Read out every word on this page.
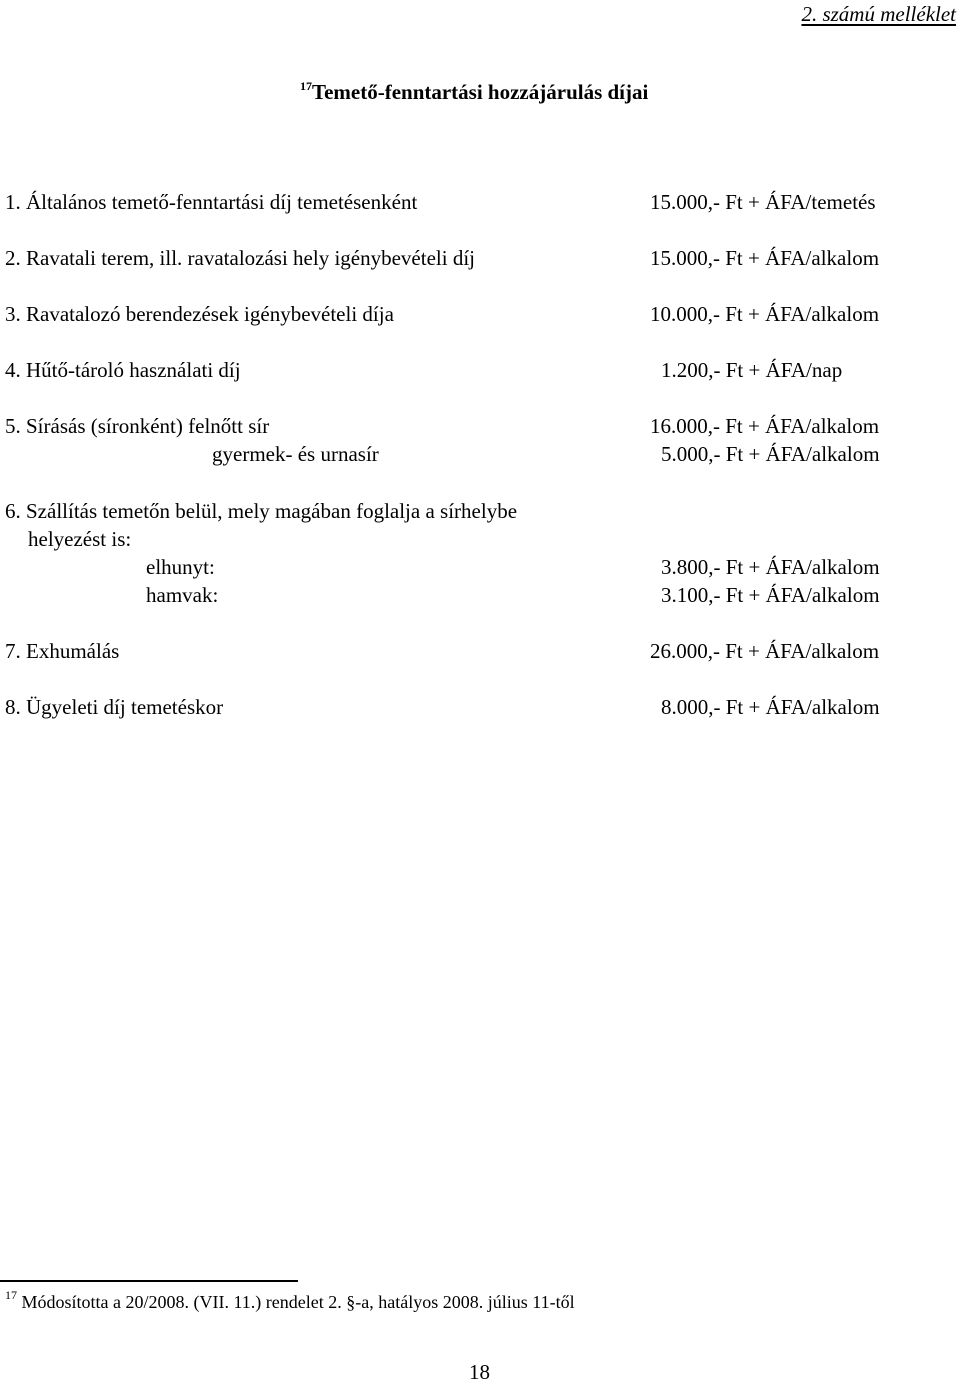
2. számú melléklet
$^{17}$Temető-fenntartási hozzájárulás díjai
1. Általános temető-fenntartási díj temetésenként	15.000,- Ft + ÁFA/temetés
2. Ravatali terem, ill. ravatalozási hely igénybevételi díj	15.000,- Ft + ÁFA/alkalom
3. Ravatalozó berendezések igénybevételi díja	10.000,- Ft + ÁFA/alkalom
4. Hűtő-tároló használati díj	1.200,- Ft + ÁFA/nap
5. Sírásás (síronként) felnőtt sír	16.000,- Ft + ÁFA/alkalom
gyermek- és urnasír	5.000,- Ft + ÁFA/alkalom
6. Szállítás temetőn belül, mely magában foglalja a sírhelybe
helyezést is:
elhunyt:	3.800,- Ft + ÁFA/alkalom
hamvak:	3.100,- Ft + ÁFA/alkalom
7. Exhumálás	26.000,- Ft + ÁFA/alkalom
8. Ügyeleti díj temetéskor	8.000,- Ft + ÁFA/alkalom
$^{17}$ Módosította a 20/2008. (VII. 11.) rendelet 2. §-a, hatályos 2008. július 11-től
18
